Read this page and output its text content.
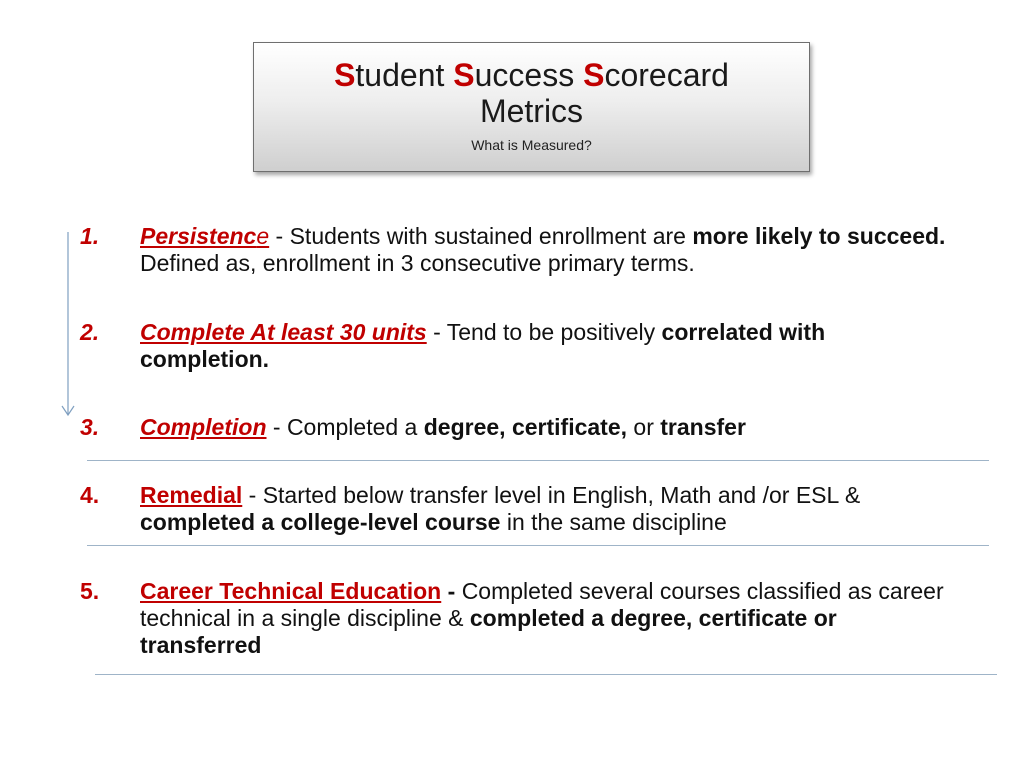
Student Success Scorecard
Metrics
What is Measured?
1.	Persistence - Students with sustained enrollment are more likely to succeed. Defined as, enrollment in 3 consecutive primary terms.
2.	Complete At least 30 units - Tend to be positively correlated with completion.
3.	Completion - Completed a degree, certificate, or transfer
4.	Remedial - Started below transfer level in English, Math and /or ESL & completed a college-level course in the same discipline
5.	Career Technical Education - Completed several courses classified as career technical in a single discipline & completed a degree, certificate or transferred
